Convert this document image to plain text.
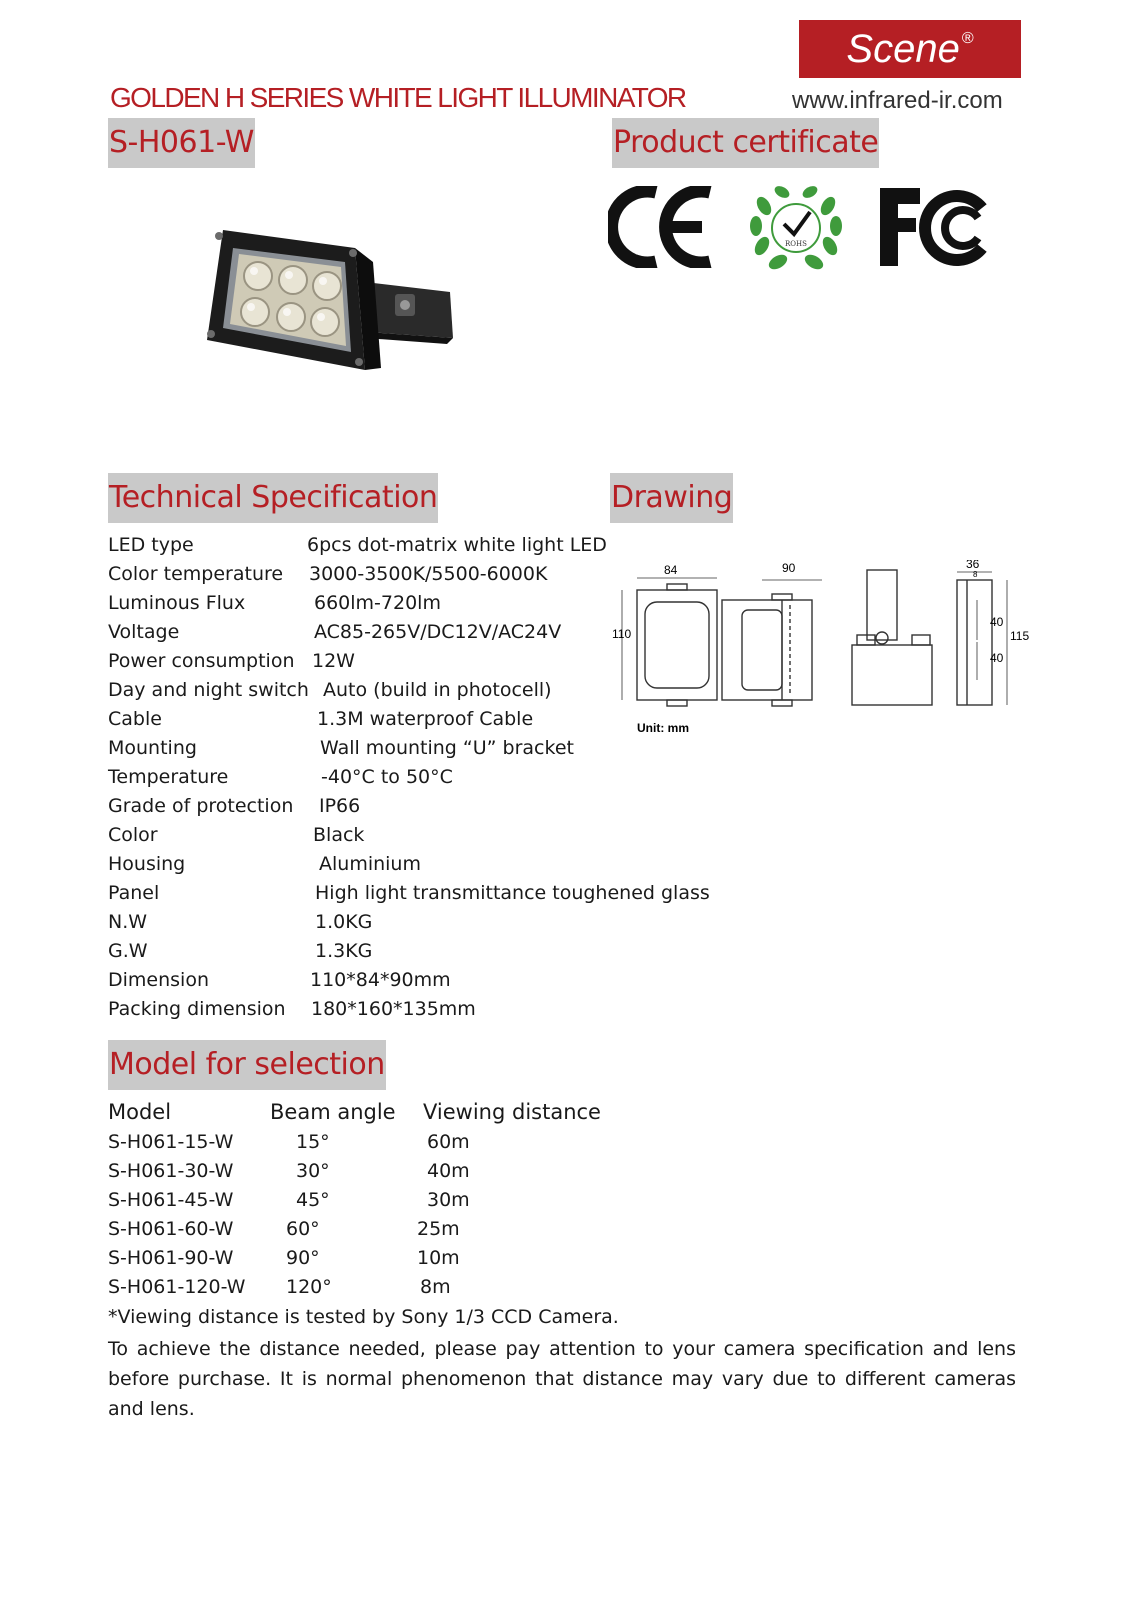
Scene®
GOLDEN H SERIES WHITE LIGHT ILLUMINATOR	www.infrared-ir.com
S-H061-W	Product certificate
ROHS
Technical Specification	Drawing
84	90
110
36
8
40
40
115
Unit: mm
LED type	6pcs dot-matrix white light LED
Color temperature 3000-3500K/5500-6000K
Luminous Flux	660lm-720lm
Voltage	AC85-265V/DC12V/AC24V
Power consumption 12W
Day and night switch Auto (build in photocell)
Cable	1.3M waterproof Cable
Mounting	Wall mounting “U” bracket
Temperature	-40°C to 50°C
Grade of protection IP66
Color	Black
Housing	Aluminium
Panel	High light transmittance toughened glass
N.W	1.0KG
G.W	1.3KG
Dimension	110*84*90mm
Packing dimension 180*160*135mm
Model for selection
Model	Beam angle Viewing distance
S-H061-15-W	15°	60m
S-H061-30-W	30°	40m
S-H061-45-W	45°	30m
S-H061-60-W	60°	25m
S-H061-90-W	90°	10m
S-H061-120-W 120°	8m
*Viewing distance is tested by Sony 1/3 CCD Camera.
To achieve the distance needed, please pay attention to your camera specification and lens before purchase. It is normal phenomenon that distance may vary due to different cameras and lens.
